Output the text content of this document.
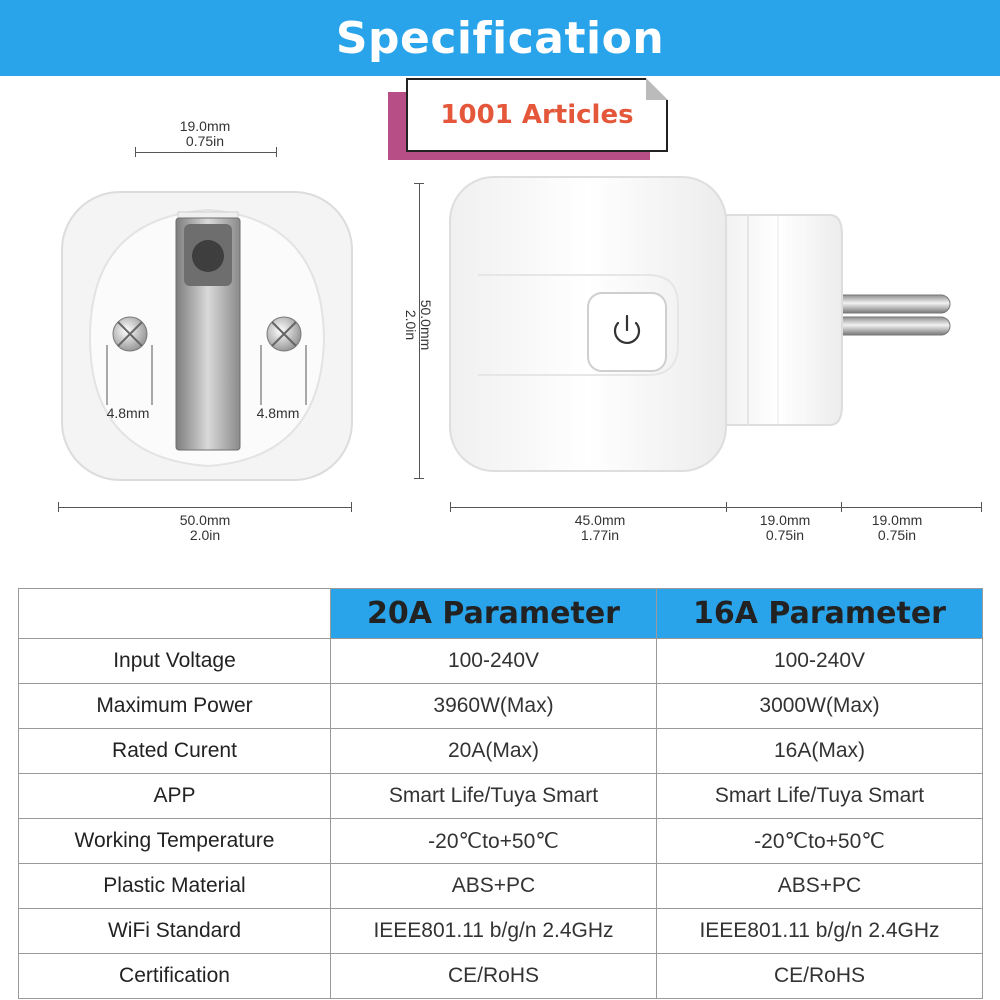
Specification
1001 Articles
19.0mm
0.75in
4.8mm	4.8mm
50.0mm
2.0in
50.0mm
2.0in
45.0mm
1.77in
19.0mm
0.75in
19.0mm
0.75in
	20A Parameter	16A Parameter
Input Voltage	100-240V	100-240V
Maximum Power	3960W(Max)	3000W(Max)
Rated Curent	20A(Max)	16A(Max)
APP	Smart Life/Tuya Smart	Smart Life/Tuya Smart
Working Temperature	-20℃to+50℃	-20℃to+50℃
Plastic Material	ABS+PC	ABS+PC
WiFi Standard	IEEE801.11 b/g/n 2.4GHz	IEEE801.11 b/g/n 2.4GHz
Certification	CE/RoHS	CE/RoHS
